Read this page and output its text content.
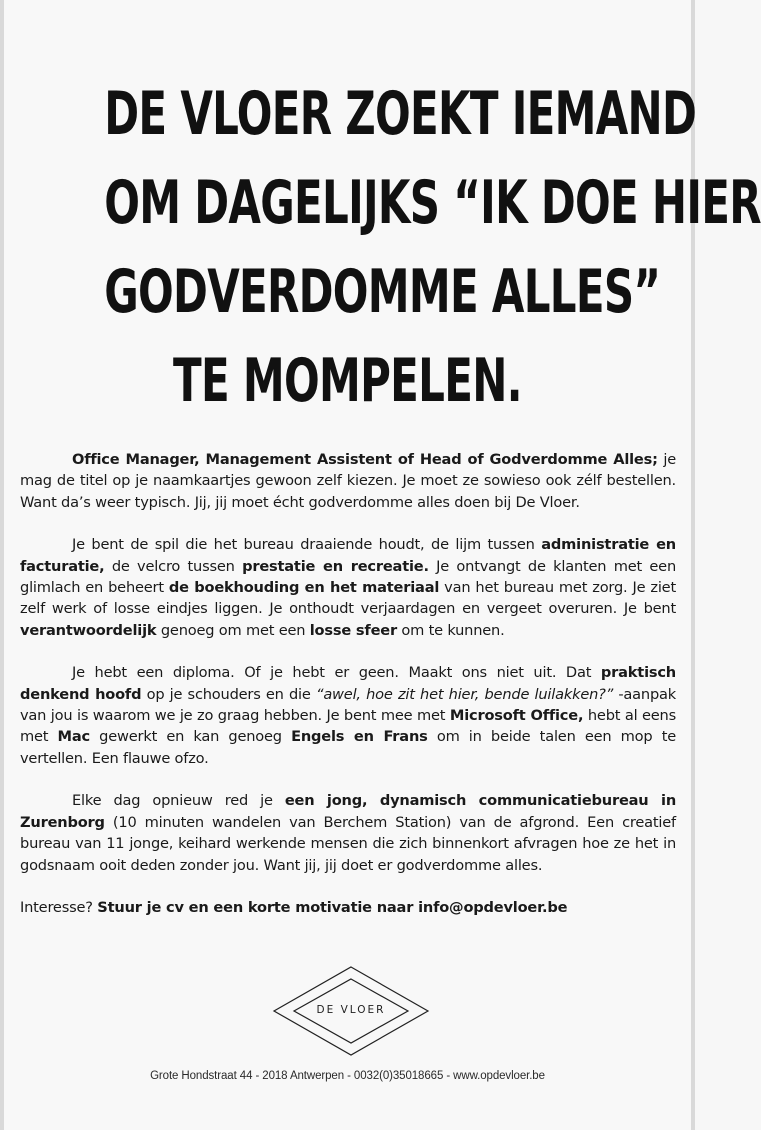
DE VLOER ZOEKT IEMAND
OM DAGELIJKS “IK DOE HIER
GODVERDOMME ALLES”
TE MOMPELEN.

Office Manager, Management Assistent of Head of Godverdomme Alles; je mag de titel op je naamkaartjes gewoon zelf kiezen. Je moet ze sowieso ook zélf bestellen. Want da’s weer typisch. Jij, jij moet écht godverdomme alles doen bij De Vloer.

Je bent de spil die het bureau draaiende houdt, de lijm tussen administratie en facturatie, de velcro tussen prestatie en recreatie. Je ontvangt de klanten met een glimlach en beheert de boekhouding en het materiaal van het bureau met zorg. Je ziet zelf werk of losse eindjes liggen. Je onthoudt verjaardagen en vergeet overuren. Je bent verantwoordelijk genoeg om met een losse sfeer om te kunnen.

Je hebt een diploma. Of je hebt er geen. Maakt ons niet uit. Dat praktisch denkend hoofd op je schouders en die “awel, hoe zit het hier, bende luilakken?” -aanpak van jou is waarom we je zo graag hebben. Je bent mee met Microsoft Office, hebt al eens met Mac gewerkt en kan genoeg Engels en Frans om in beide talen een mop te vertellen. Een flauwe ofzo.

Elke dag opnieuw red je een jong, dynamisch communicatiebureau in Zurenborg (10 minuten wandelen van Berchem Station) van de afgrond. Een creatief bureau van 11 jonge, keihard werkende mensen die zich binnenkort afvragen hoe ze het in godsnaam ooit deden zonder jou. Want jij, jij doet er godverdomme alles.

Interesse? Stuur je cv en een korte motivatie naar info@opdevloer.be

DE VLOER
Grote Hondstraat 44 - 2018 Antwerpen - 0032(0)35018665 - www.opdevloer.be
